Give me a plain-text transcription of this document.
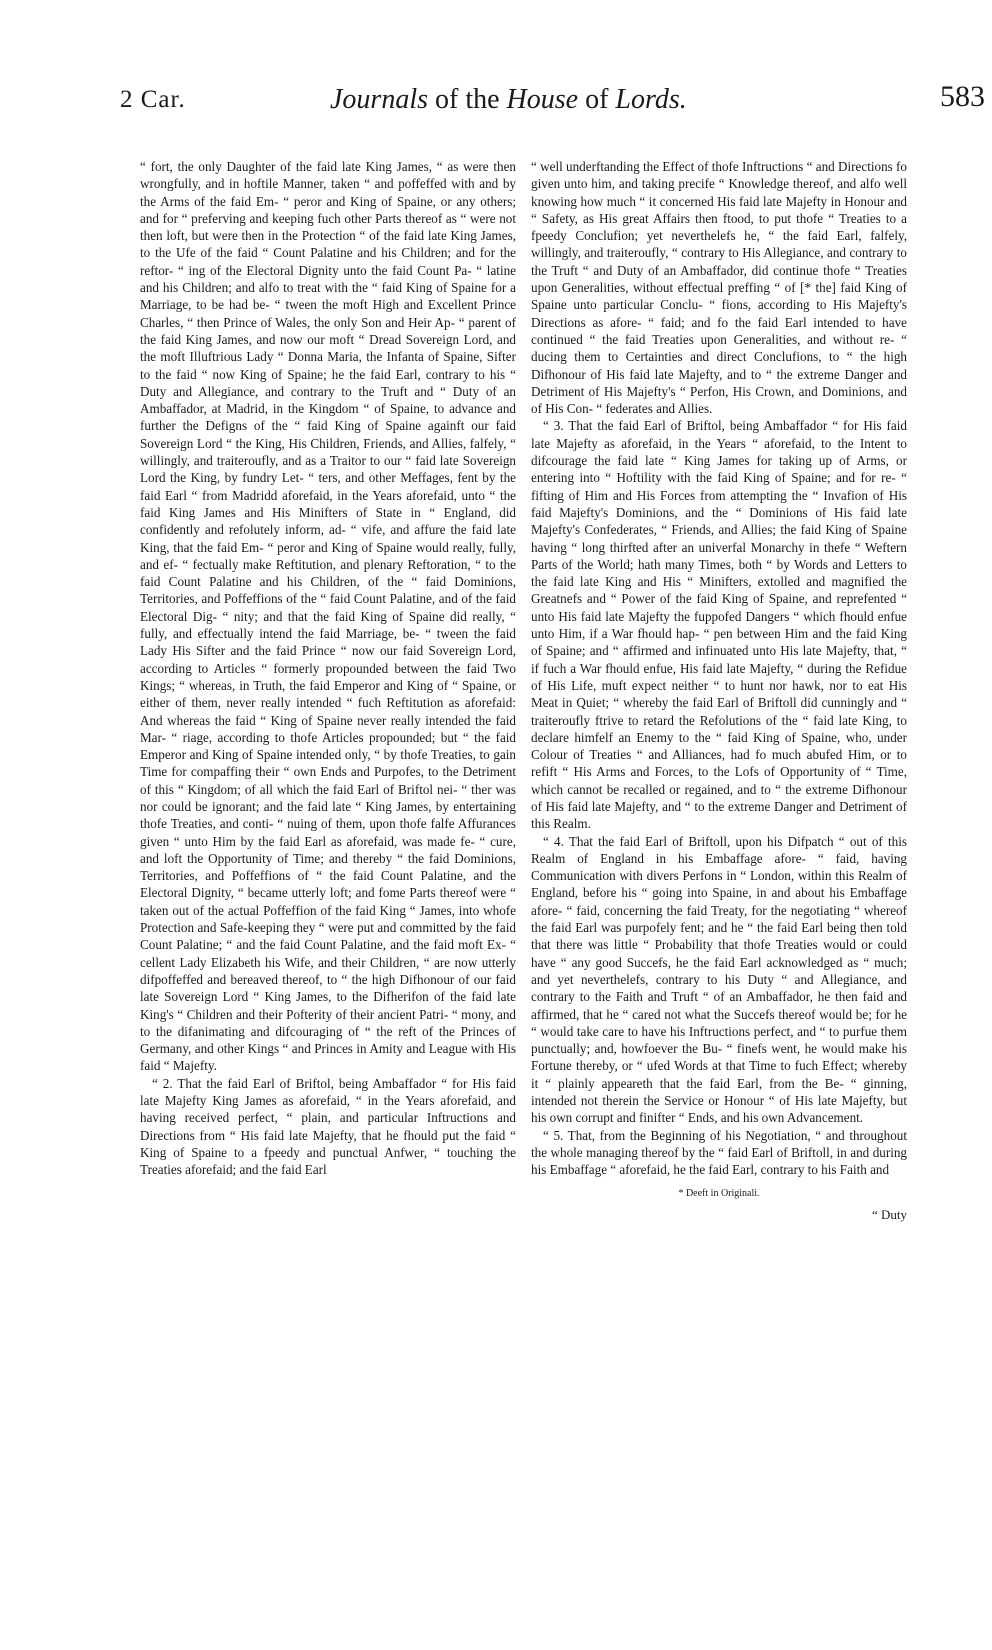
2 Car.	Journals of the House of Lords.	583

“ fort, the only Daughter of the faid late King James, “ as were then wrongfully, and in hoftile Manner, taken “ and poffeffed with and by the Arms of the faid Em- “ peror and King of Spaine, or any others; and for “ preferving and keeping fuch other Parts thereof as “ were not then loft, but were then in the Protection “ of the faid late King James, to the Ufe of the faid “ Count Palatine and his Children; and for the reftor- “ ing of the Electoral Dignity unto the faid Count Pa- “ latine and his Children; and alfo to treat with the “ faid King of Spaine for a Marriage, to be had be- “ tween the moft High and Excellent Prince Charles, “ then Prince of Wales, the only Son and Heir Ap- “ parent of the faid King James, and now our moft “ Dread Sovereign Lord, and the moft Illuftrious Lady “ Donna Maria, the Infanta of Spaine, Sifter to the faid “ now King of Spaine; he the faid Earl, contrary to his “ Duty and Allegiance, and contrary to the Truft and “ Duty of an Ambaffador, at Madrid, in the Kingdom “ of Spaine, to advance and further the Defigns of the “ faid King of Spaine againft our faid Sovereign Lord “ the King, His Children, Friends, and Allies, falfely, “ willingly, and traiteroufly, and as a Traitor to our “ faid late Sovereign Lord the King, by fundry Let- “ ters, and other Meffages, fent by the faid Earl “ from Madridd aforefaid, in the Years aforefaid, unto “ the faid King James and His Minifters of State in “ England, did confidently and refolutely inform, ad- “ vife, and affure the faid late King, that the faid Em- “ peror and King of Spaine would really, fully, and ef- “ fectually make Reftitution, and plenary Reftoration, “ to the faid Count Palatine and his Children, of the “ faid Dominions, Territories, and Poffeffions of the “ faid Count Palatine, and of the faid Electoral Dig- “ nity; and that the faid King of Spaine did really, “ fully, and effectually intend the faid Marriage, be- “ tween the faid Lady His Sifter and the faid Prince “ now our faid Sovereign Lord, according to Articles “ formerly propounded between the faid Two Kings; “ whereas, in Truth, the faid Emperor and King of “ Spaine, or either of them, never really intended “ fuch Reftitution as aforefaid: And whereas the faid “ King of Spaine never really intended the faid Mar- “ riage, according to thofe Articles propounded; but “ the faid Emperor and King of Spaine intended only, “ by thofe Treaties, to gain Time for compaffing their “ own Ends and Purpofes, to the Detriment of this “ Kingdom; of all which the faid Earl of Briftol nei- “ ther was nor could be ignorant; and the faid late “ King James, by entertaining thofe Treaties, and conti- “ nuing of them, upon thofe falfe Affurances given “ unto Him by the faid Earl as aforefaid, was made fe- “ cure, and loft the Opportunity of Time; and thereby “ the faid Dominions, Territories, and Poffeffions of “ the faid Count Palatine, and the Electoral Dignity, “ became utterly loft; and fome Parts thereof were “ taken out of the actual Poffeffion of the faid King “ James, into whofe Protection and Safe-keeping they “ were put and committed by the faid Count Palatine; “ and the faid Count Palatine, and the faid moft Ex- “ cellent Lady Elizabeth his Wife, and their Children, “ are now utterly difpoffeffed and bereaved thereof, to “ the high Difhonour of our faid late Sovereign Lord “ King James, to the Difherifon of the faid late King's “ Children and their Pofterity of their ancient Patri- “ mony, and to the difanimating and difcouraging of “ the reft of the Princes of Germany, and other Kings “ and Princes in Amity and League with His faid “ Majefty.

“ 2. That the faid Earl of Briftol, being Ambaffador “ for His faid late Majefty King James as aforefaid, “ in the Years aforefaid, and having received perfect, “ plain, and particular Inftructions and Directions from “ His faid late Majefty, that he fhould put the faid “ King of Spaine to a fpeedy and punctual Anfwer, “ touching the Treaties aforefaid; and the faid Earl

“ well underftanding the Effect of thofe Inftructions “ and Directions fo given unto him, and taking precife “ Knowledge thereof, and alfo well knowing how much “ it concerned His faid late Majefty in Honour and “ Safety, as His great Affairs then ftood, to put thofe “ Treaties to a fpeedy Conclufion; yet neverthelefs he, “ the faid Earl, falfely, willingly, and traiteroufly, “ contrary to His Allegiance, and contrary to the Truft “ and Duty of an Ambaffador, did continue thofe “ Treaties upon Generalities, without effectual preffing “ of [* the] faid King of Spaine unto particular Conclu- “ fions, according to His Majefty's Directions as afore- “ faid; and fo the faid Earl intended to have continued “ the faid Treaties upon Generalities, and without re- “ ducing them to Certainties and direct Conclufions, to “ the high Difhonour of His faid late Majefty, and to “ the extreme Danger and Detriment of His Majefty's “ Perfon, His Crown, and Dominions, and of His Con- “ federates and Allies.

“ 3. That the faid Earl of Briftol, being Ambaffador “ for His faid late Majefty as aforefaid, in the Years “ aforefaid, to the Intent to difcourage the faid late “ King James for taking up of Arms, or entering into “ Hoftility with the faid King of Spaine; and for re- “ fifting of Him and His Forces from attempting the “ Invafion of His faid Majefty's Dominions, and the “ Dominions of His faid late Majefty's Confederates, “ Friends, and Allies; the faid King of Spaine having “ long thirfted after an univerfal Monarchy in thefe “ Weftern Parts of the World; hath many Times, both “ by Words and Letters to the faid late King and His “ Minifters, extolled and magnified the Greatnefs and “ Power of the faid King of Spaine, and reprefented “ unto His faid late Majefty the fuppofed Dangers “ which fhould enfue unto Him, if a War fhould hap- “ pen between Him and the faid King of Spaine; and “ affirmed and infinuated unto His late Majefty, that, “ if fuch a War fhould enfue, His faid late Majefty, “ during the Refidue of His Life, muft expect neither “ to hunt nor hawk, nor to eat His Meat in Quiet; “ whereby the faid Earl of Briftoll did cunningly and “ traiteroufly ftrive to retard the Refolutions of the “ faid late King, to declare himfelf an Enemy to the “ faid King of Spaine, who, under Colour of Treaties “ and Alliances, had fo much abufed Him, or to refift “ His Arms and Forces, to the Lofs of Opportunity of “ Time, which cannot be recalled or regained, and to “ the extreme Difhonour of His faid late Majefty, and “ to the extreme Danger and Detriment of this Realm.

“ 4. That the faid Earl of Briftoll, upon his Difpatch “ out of this Realm of England in his Embaffage afore- “ faid, having Communication with divers Perfons in “ London, within this Realm of England, before his “ going into Spaine, in and about his Embaffage afore- “ faid, concerning the faid Treaty, for the negotiating “ whereof the faid Earl was purpofely fent; and he “ the faid Earl being then told that there was little “ Probability that thofe Treaties would or could have “ any good Succefs, he the faid Earl acknowledged as “ much; and yet neverthelefs, contrary to his Duty “ and Allegiance, and contrary to the Faith and Truft “ of an Ambaffador, he then faid and affirmed, that he “ cared not what the Succefs thereof would be; for he “ would take care to have his Inftructions perfect, and “ to purfue them punctually; and, howfoever the Bu- “ finefs went, he would make his Fortune thereby, or “ ufed Words at that Time to fuch Effect; whereby it “ plainly appeareth that the faid Earl, from the Be- “ ginning, intended not therein the Service or Honour “ of His late Majefty, but his own corrupt and finifter “ Ends, and his own Advancement.

“ 5. That, from the Beginning of his Negotiation, “ and throughout the whole managing thereof by the “ faid Earl of Briftoll, in and during his Embaffage “ aforefaid, he the faid Earl, contrary to his Faith and

* Deeft in Originali.
“ Duty
